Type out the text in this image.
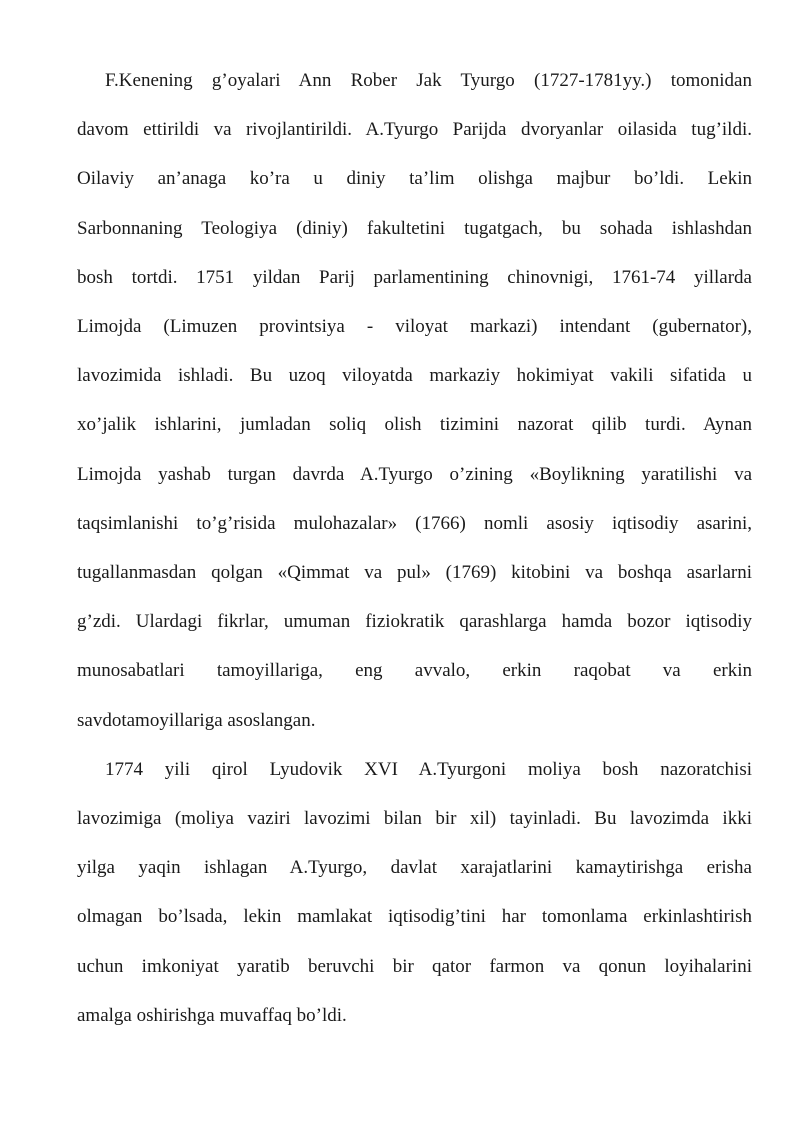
F.Kenening g’oyalari Ann Rober Jak Tyurgo (1727-1781yy.) tomonidan
davom ettirildi va rivojlantirildi. A.Tyurgo Parijda dvoryanlar oilasida tug’ildi.
Oilaviy an’anaga ko’ra u diniy ta’lim olishga majbur bo’ldi. Lekin
Sarbonnaning Teologiya (diniy) fakultetini tugatgach, bu sohada ishlashdan
bosh tortdi. 1751 yildan Parij parlamentining chinovnigi, 1761-74 yillarda
Limojda (Limuzen provintsiya - viloyat markazi) intendant (gubernator),
lavozimida ishladi. Bu uzoq viloyatda markaziy hokimiyat vakili sifatida u
xo’jalik ishlarini, jumladan soliq olish tizimini nazorat qilib turdi. Aynan
Limojda yashab turgan davrda A.Tyurgo o’zining «Boylikning yaratilishi va
taqsimlanishi to’g’risida mulohazalar» (1766) nomli asosiy iqtisodiy asarini,
tugallanmasdan qolgan «Qimmat va pul» (1769) kitobini va boshqa asarlarni
g’zdi. Ulardagi fikrlar, umuman fiziokratik qarashlarga hamda bozor iqtisodiy
munosabatlari tamoyillariga, eng avvalo, erkin raqobat va erkin
savdotamoyillariga asoslangan.
1774 yili qirol Lyudovik XVI A.Tyurgoni moliya bosh nazoratchisi
lavozimiga (moliya vaziri lavozimi bilan bir xil) tayinladi. Bu lavozimda ikki
yilga yaqin ishlagan A.Tyurgo, davlat xarajatlarini kamaytirishga erisha
olmagan bo’lsada, lekin mamlakat iqtisodig’tini har tomonlama erkinlashtirish
uchun imkoniyat yaratib beruvchi bir qator farmon va qonun loyihalarini
amalga oshirishga muvaffaq bo’ldi.
